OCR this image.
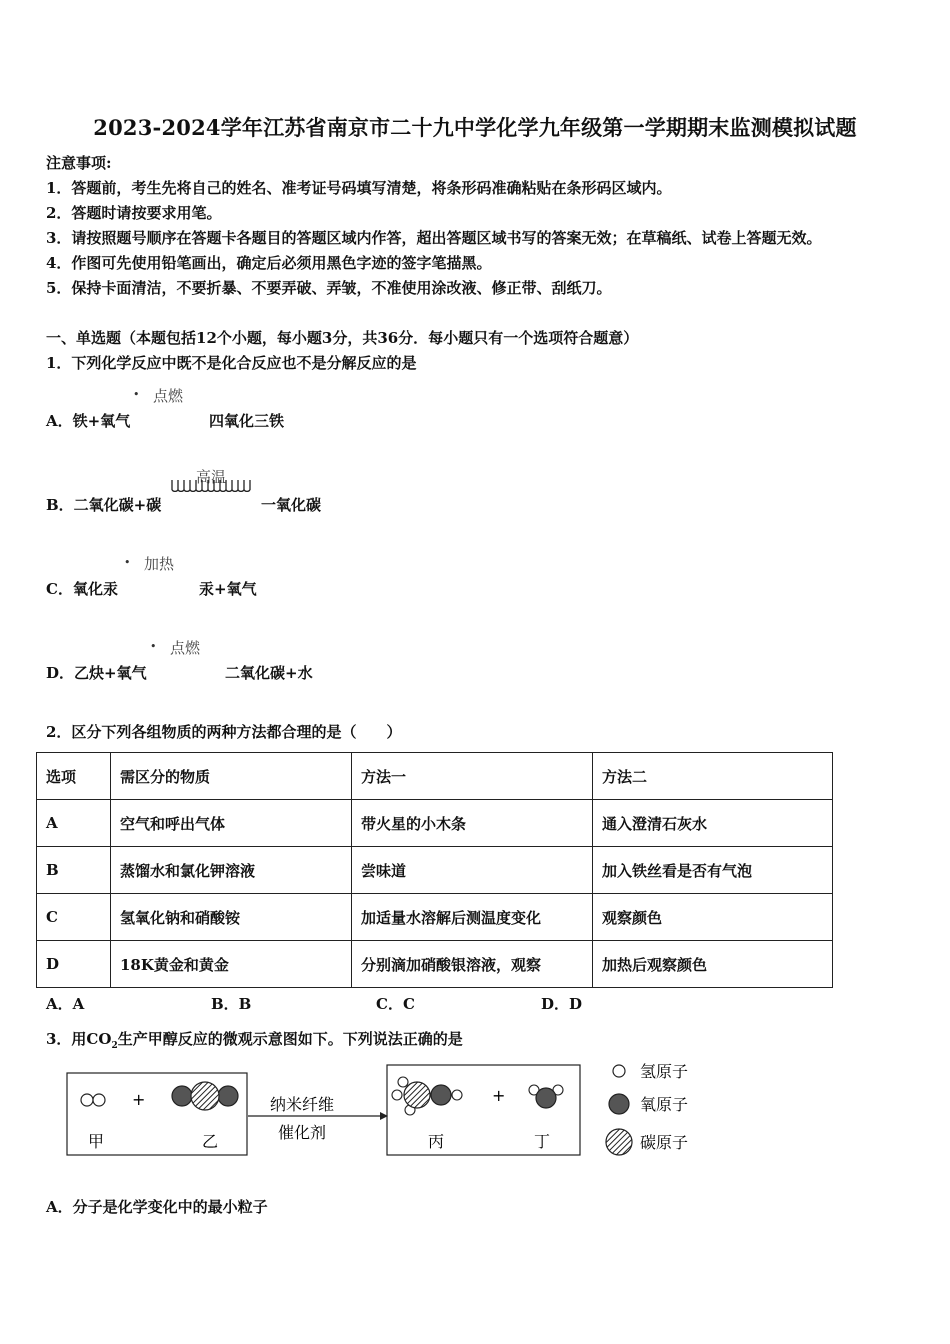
2023-2024学年江苏省南京市二十九中学化学九年级第一学期期末监测模拟试题
注意事项:
1．答题前，考生先将自己的姓名、准考证号码填写清楚，将条形码准确粘贴在条形码区域内。
2．答题时请按要求用笔。
3．请按照题号顺序在答题卡各题目的答题区域内作答，超出答题区域书写的答案无效；在草稿纸、试卷上答题无效。
4．作图可先使用铅笔画出，确定后必须用黑色字迹的签字笔描黑。
5．保持卡面清洁，不要折暴、不要弄破、弄皱，不准使用涂改液、修正带、刮纸刀。
一、单选题（本题包括12个小题，每小题3分，共36分．每小题只有一个选项符合题意）
1．下列化学反应中既不是化合反应也不是分解反应的是
• 点燃
A．铁+氧气	四氧化三铁
高温
B．二氧化碳+碳	一氧化碳
• 加热
C．氧化汞	汞+氧气
• 点燃
D．乙炔+氧气	二氧化碳+水
2．区分下列各组物质的两种方法都合理的是（　　）
选项	需区分的物质	方法一	方法二
A	空气和呼出气体	带火星的小木条	通入澄清石灰水
B	蒸馏水和氯化钾溶液	尝味道	加入铁丝看是否有气泡
C	氢氧化钠和硝酸铵	加适量水溶解后测温度变化	观察颜色
D	18K黄金和黄金	分别滴加硝酸银溶液，观察	加热后观察颜色
A．A	B．B	C．C	D．D
3．用$CO_2$生产甲醇反应的微观示意图如下。下列说法正确的是
+
甲	乙
纳米纤维
催化剂
+
丙	丁
氢原子
氧原子
碳原子
A．分子是化学变化中的最小粒子
